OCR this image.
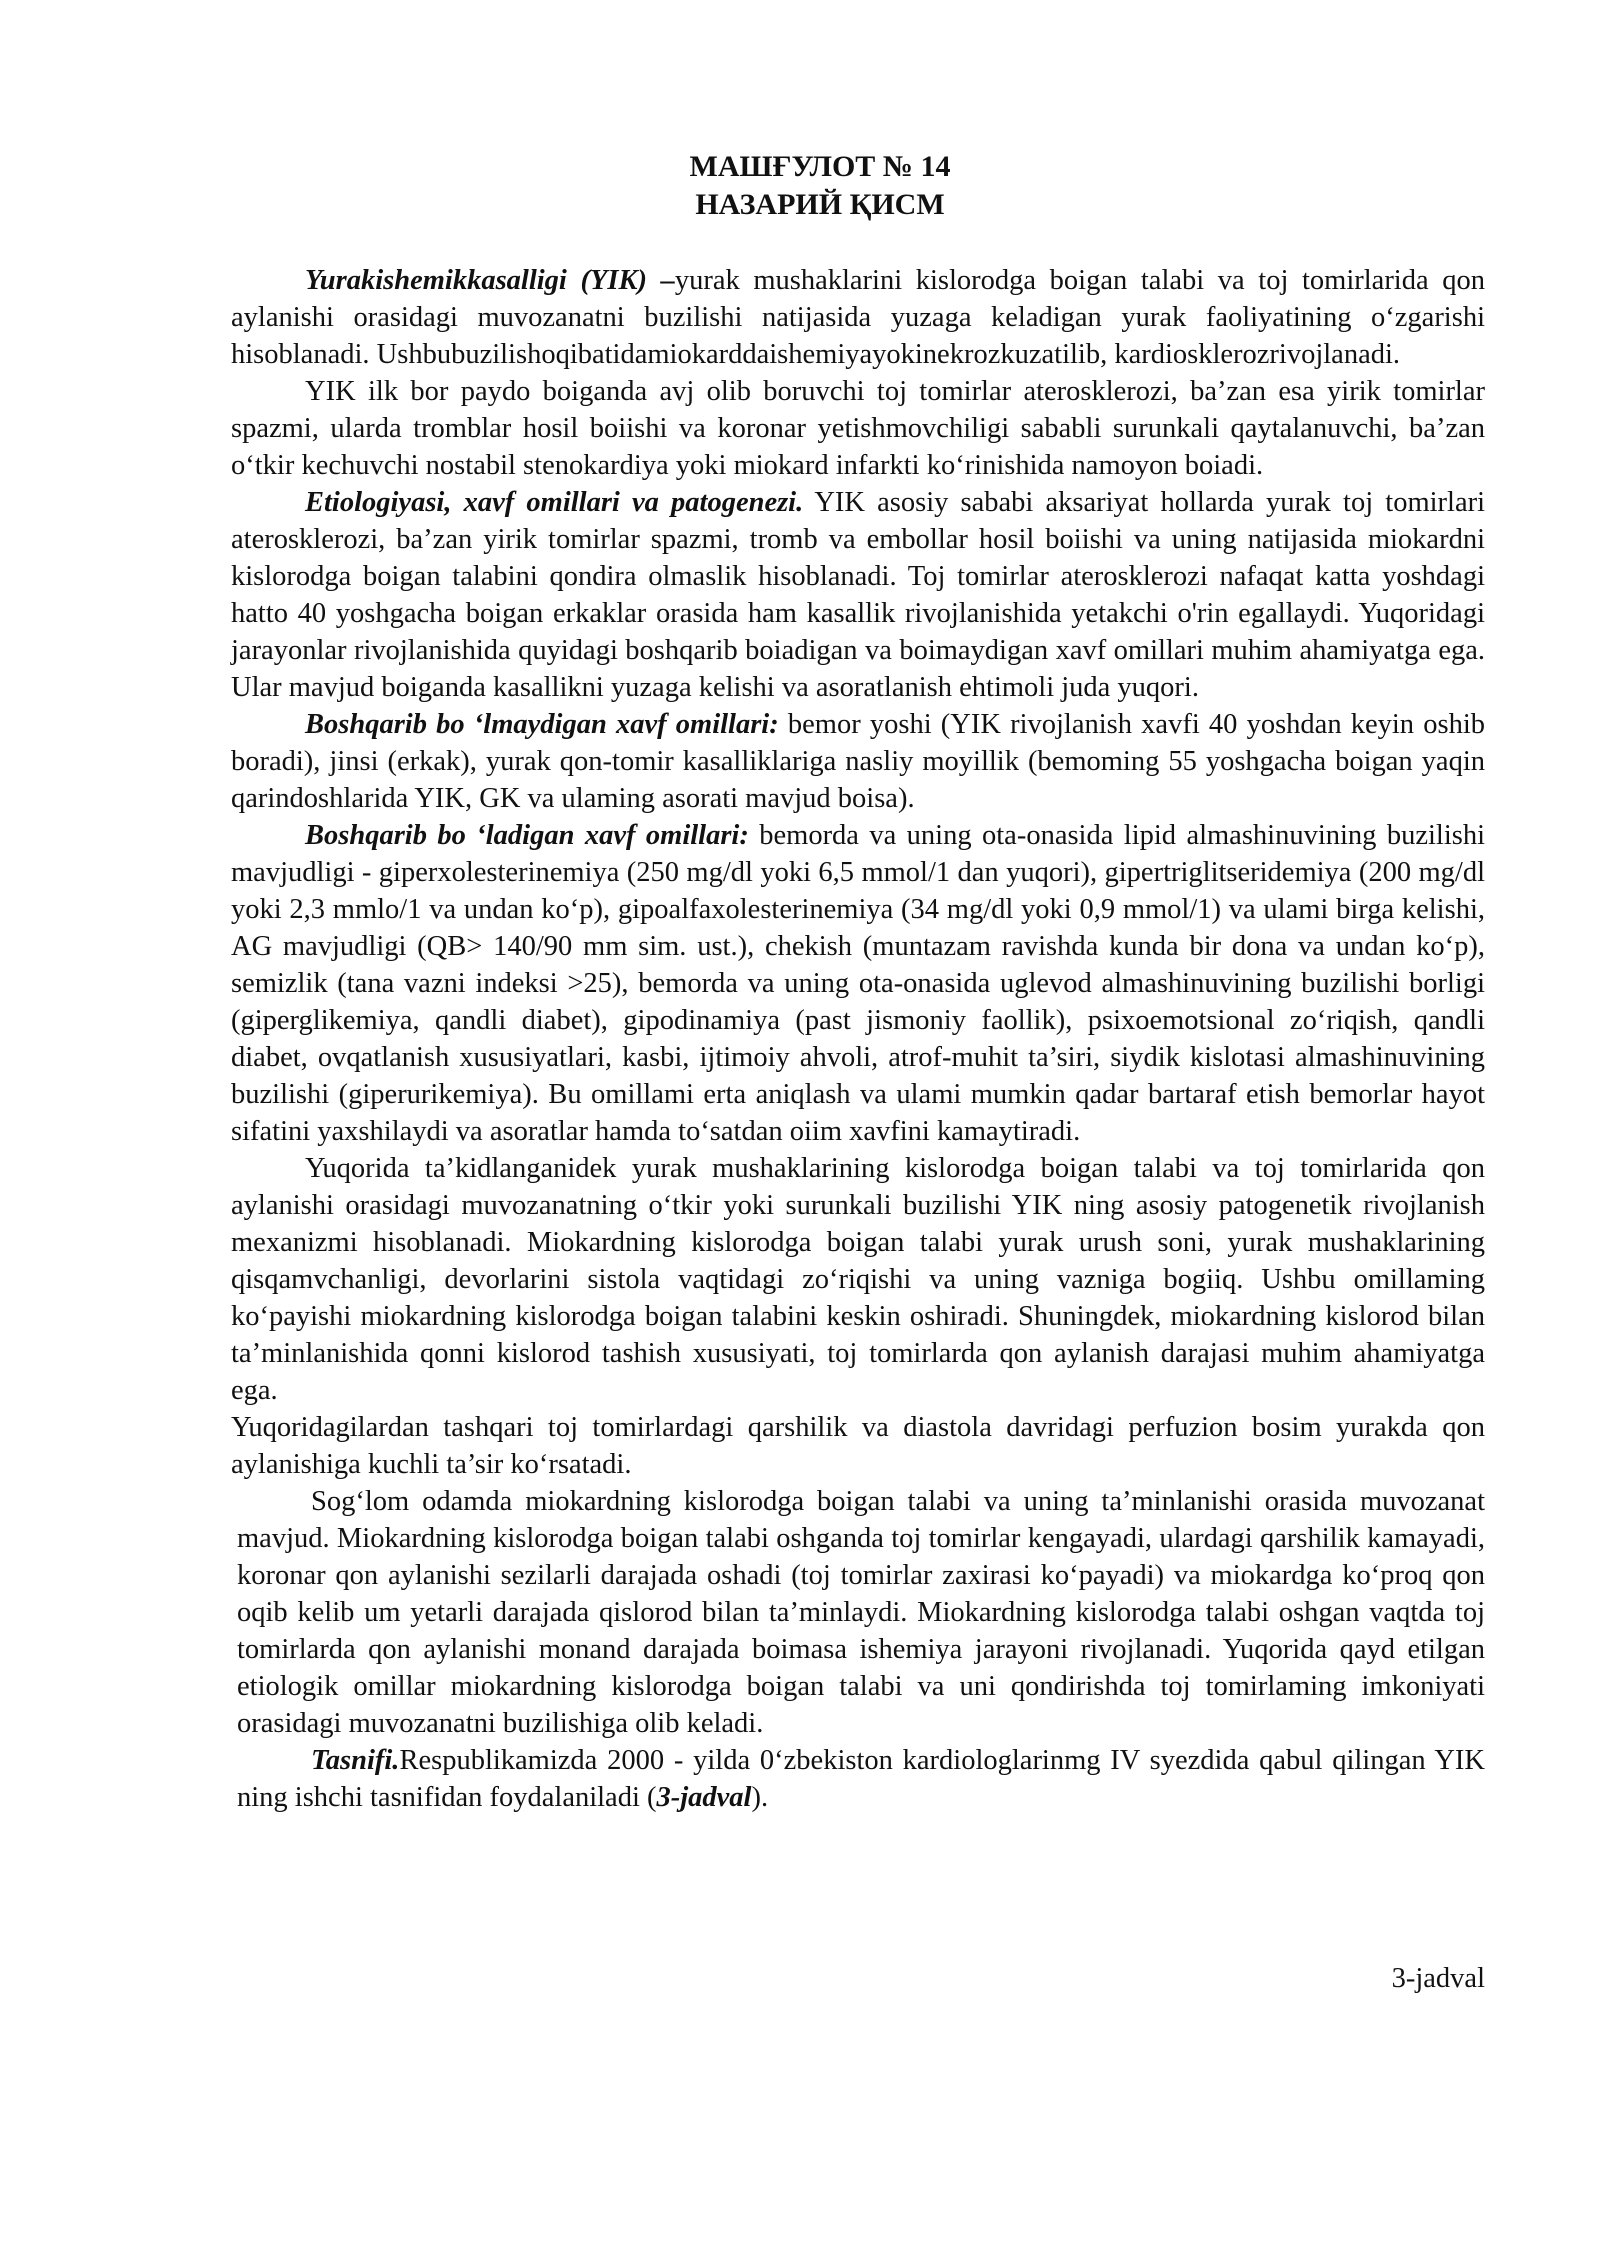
МАШҒУЛОТ № 14
НАЗАРИЙ ҚИСМ

Yurakishemikkasalligi (YIK) –yurak mushaklarini kislorodga boigan talabi va toj tomirlarida qon aylanishi orasidagi muvozanatni buzilishi natijasida yuzaga keladigan yurak faoliyatining o‘zgarishi hisoblanadi. Ushbubuzilishoqibatidamiokarddaishemiyayokinekrozkuzatilib, kardiosklerozrivojlanadi.

YIK ilk bor paydo boiganda avj olib boruvchi toj tomirlar aterosklerozi, ba’zan esa yirik tomirlar spazmi, ularda tromblar hosil boiishi va koronar yetishmovchiligi sababli surunkali qaytalanuvchi, ba’zan o‘tkir kechuvchi nostabil stenokardiya yoki miokard infarkti ko‘rinishida namoyon boiadi.

Etiologiyasi, xavf omillari va patogenezi. YIK asosiy sababi aksariyat hollarda yurak toj tomirlari aterosklerozi, ba’zan yirik tomirlar spazmi, tromb va embollar hosil boiishi va uning natijasida miokardni kislorodga boigan talabini qondira olmaslik hisoblanadi. Toj tomirlar aterosklerozi nafaqat katta yoshdagi hatto 40 yoshgacha boigan erkaklar orasida ham kasallik rivojlanishida yetakchi o'rin egallaydi. Yuqoridagi jarayonlar rivojlanishida quyidagi boshqarib boiadigan va boimaydigan xavf omillari muhim ahamiyatga ega. Ular mavjud boiganda kasallikni yuzaga kelishi va asoratlanish ehtimoli juda yuqori.

Boshqarib bo ‘lmaydigan xavf omillari: bemor yoshi (YIK rivojlanish xavfi 40 yoshdan keyin oshib boradi), jinsi (erkak), yurak qon-tomir kasalliklariga nasliy moyillik (bemoming 55 yoshgacha boigan yaqin qarindoshlarida YIK, GK va ulaming asorati mavjud boisa).

Boshqarib bo ‘ladigan xavf omillari: bemorda va uning ota-onasida lipid almashinuvining buzilishi mavjudligi - giperxolesterinemiya (250 mg/dl yoki 6,5 mmol/1 dan yuqori), gipertriglitseridemiya (200 mg/dl yoki 2,3 mmlo/1 va undan ko‘p), gipoalfaxolesterinemiya (34 mg/dl yoki 0,9 mmol/1) va ulami birga kelishi, AG mavjudligi (QB> 140/90 mm sim. ust.), chekish (muntazam ravishda kunda bir dona va undan ko‘p), semizlik (tana vazni indeksi >25), bemorda va uning ota-onasida uglevod almashinuvining buzilishi borligi (giperglikemiya, qandli diabet), gipodinamiya (past jismoniy faollik), psixoemotsional zo‘riqish, qandli diabet, ovqatlanish xususiyatlari, kasbi, ijtimoiy ahvoli, atrof-muhit ta’siri, siydik kislotasi almashinuvining buzilishi (giperurikemiya). Bu omillami erta aniqlash va ulami mumkin qadar bartaraf etish bemorlar hayot sifatini yaxshilaydi va asoratlar hamda to‘satdan oiim xavfini kamaytiradi.

Yuqorida ta’kidlanganidek yurak mushaklarining kislorodga boigan talabi va toj tomirlarida qon aylanishi orasidagi muvozanatning o‘tkir yoki surunkali buzilishi YIK ning asosiy patogenetik rivojlanish mexanizmi hisoblanadi. Miokardning kislorodga boigan talabi yurak urush soni, yurak mushaklarining qisqamvchanligi, devorlarini sistola vaqtidagi zo‘riqishi va uning vazniga bogiiq. Ushbu omillaming ko‘payishi miokardning kislorodga boigan talabini keskin oshiradi. Shuningdek, miokardning kislorod bilan ta’minlanishida qonni kislorod tashish xususiyati, toj tomirlarda qon aylanish darajasi muhim ahamiyatga ega.

Yuqoridagilardan tashqari toj tomirlardagi qarshilik va diastola davridagi perfuzion bosim yurakda qon aylanishiga kuchli ta’sir ko‘rsatadi.

Sog‘lom odamda miokardning kislorodga boigan talabi va uning ta’minlanishi orasida muvozanat mavjud. Miokardning kislorodga boigan talabi oshganda toj tomirlar kengayadi, ulardagi qarshilik kamayadi, koronar qon aylanishi sezilarli darajada oshadi (toj tomirlar zaxirasi ko‘payadi) va miokardga ko‘proq qon oqib kelib um yetarli darajada qislorod bilan ta’minlaydi. Miokardning kislorodga talabi oshgan vaqtda toj tomirlarda qon aylanishi monand darajada boimasa ishemiya jarayoni rivojlanadi. Yuqorida qayd etilgan etiologik omillar miokardning kislorodga boigan talabi va uni qondirishda toj tomirlaming imkoniyati orasidagi muvozanatni buzilishiga olib keladi.

Tasnifi.Respublikamizda 2000 - yilda 0‘zbekiston kardiologlarinmg IV syezdida qabul qilingan YIK ning ishchi tasnifidan foydalaniladi (3-jadval).

3-jadval
